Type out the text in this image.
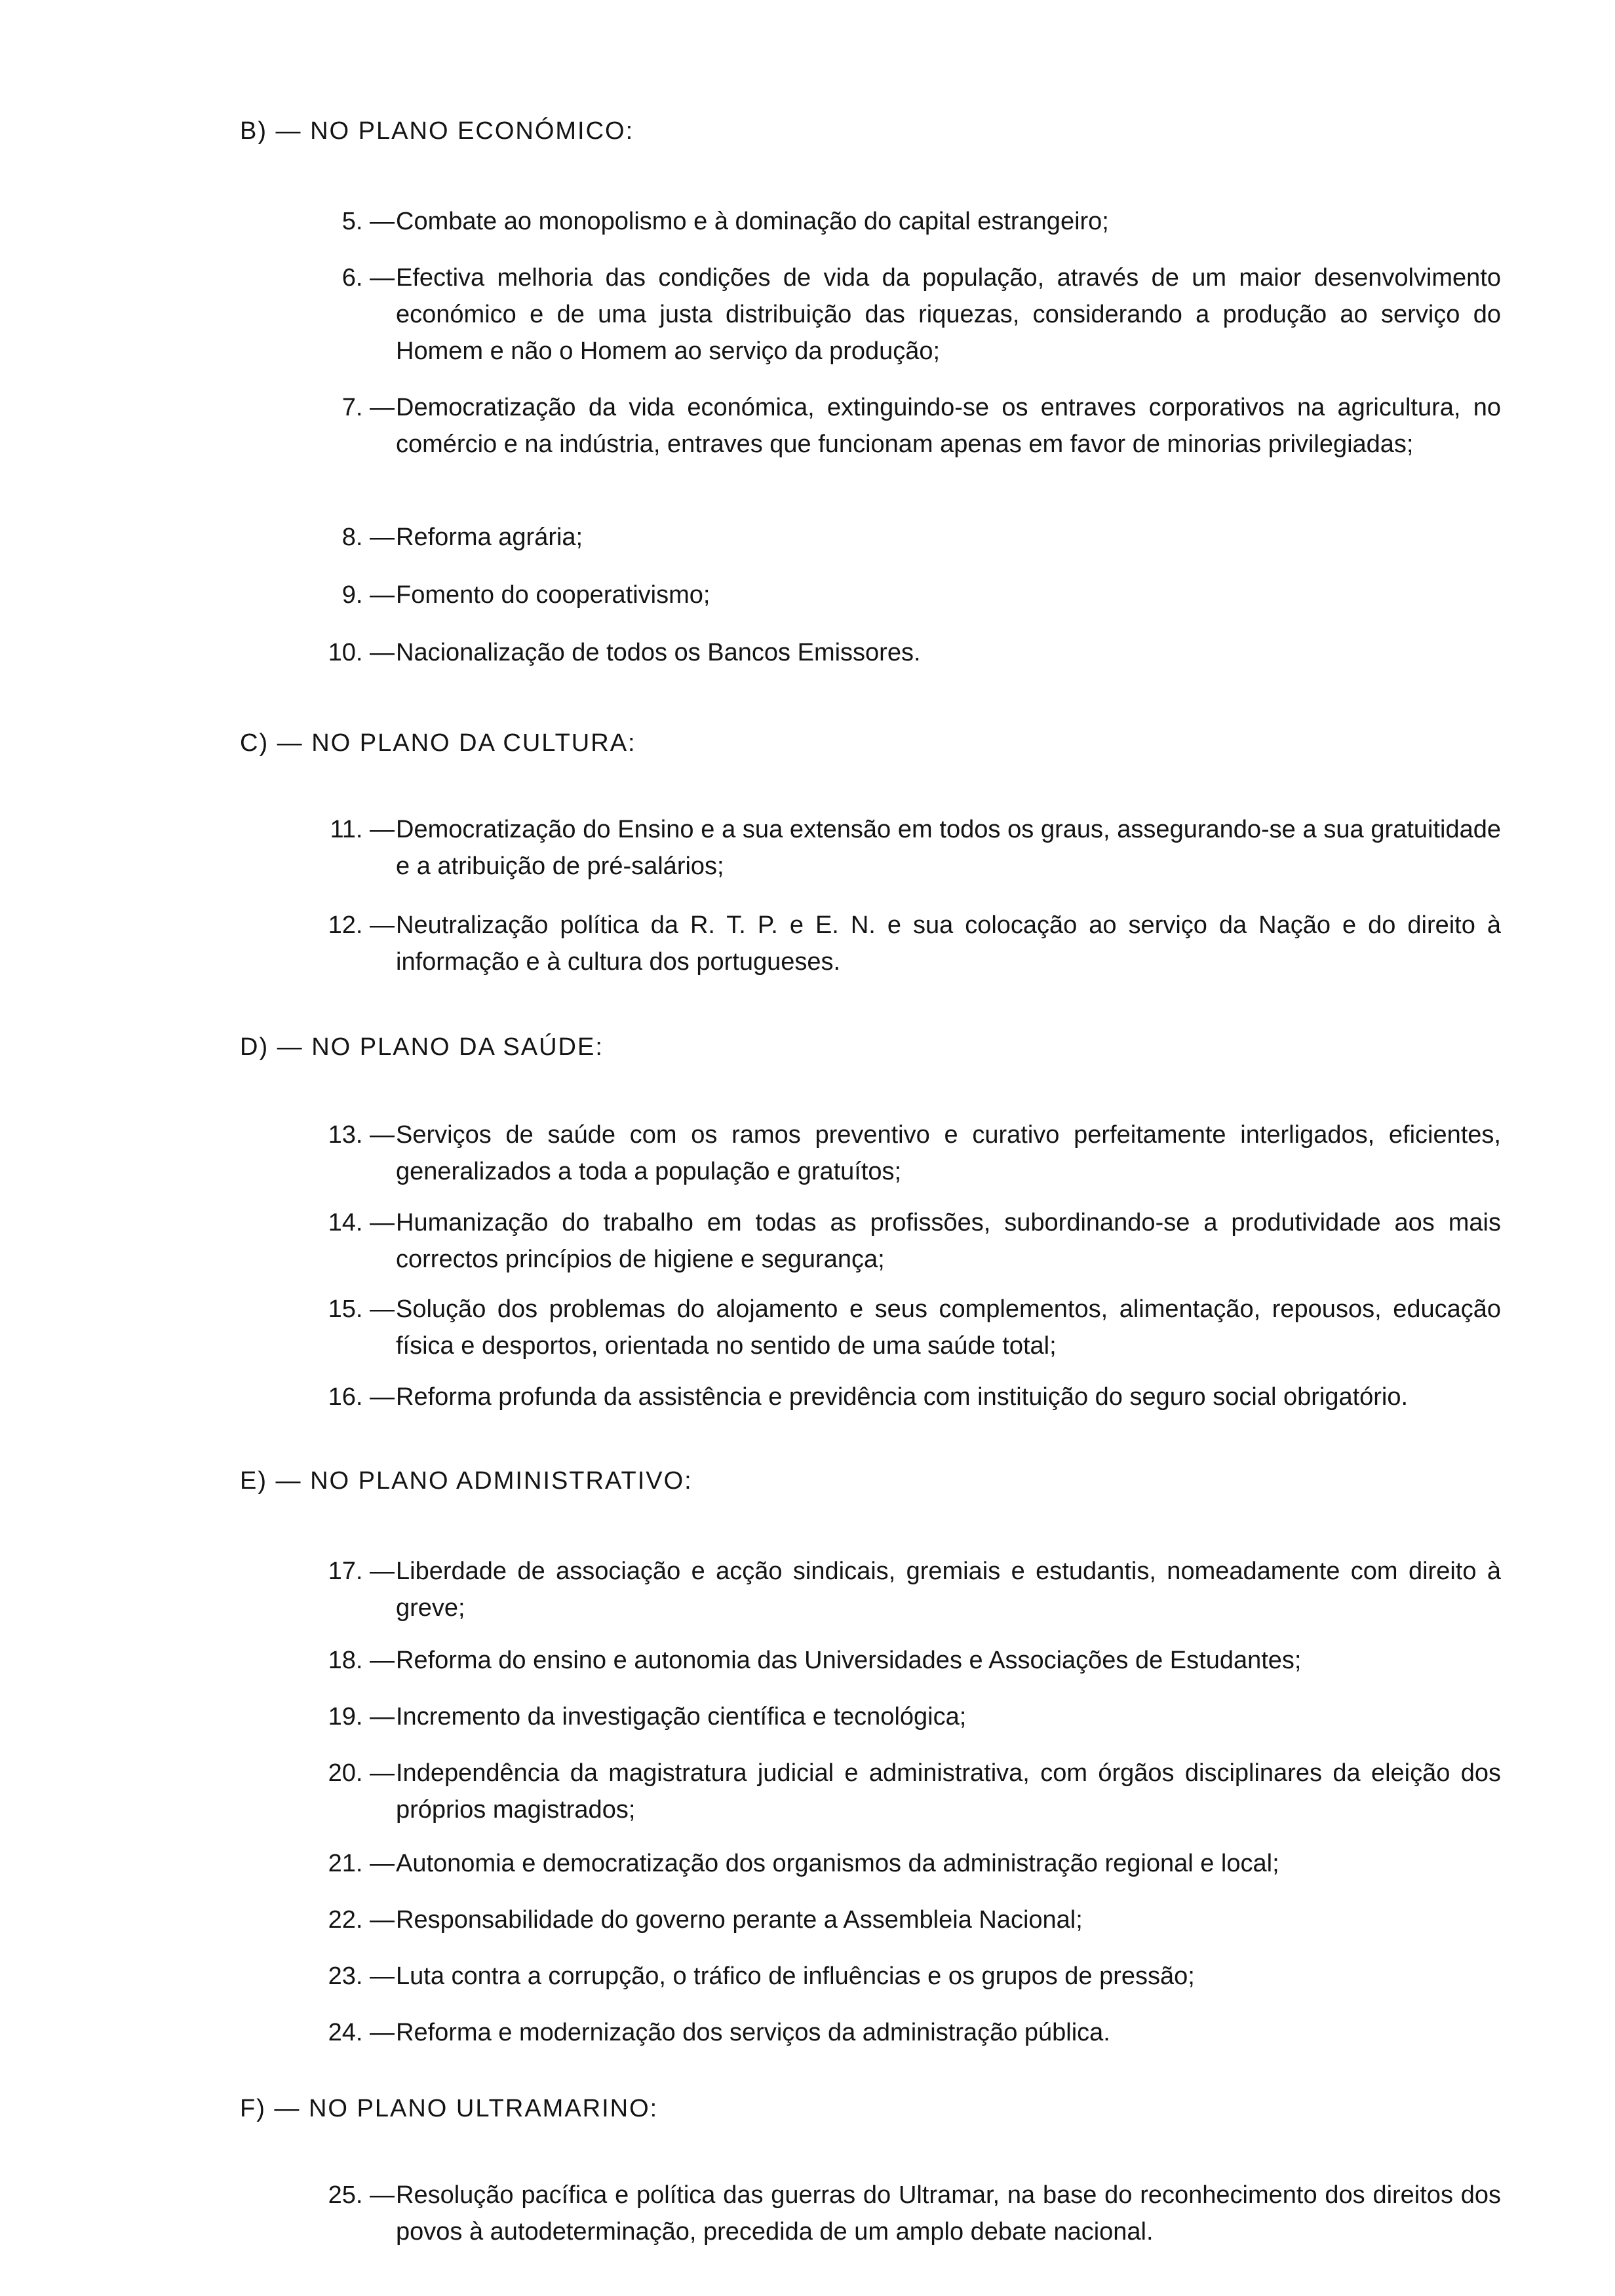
B) — NO PLANO ECONÓMICO:
5. — Combate ao monopolismo e à dominação do capital estrangeiro;
6. — Efectiva melhoria das condições de vida da população, através de um maior desenvolvimento económico e de uma justa distribuição das riquezas, considerando a produção ao serviço do Homem e não o Homem ao serviço da produção;
7. — Democratização da vida económica, extinguindo-se os entraves corporativos na agricultura, no comércio e na indústria, entraves que funcionam apenas em favor de minorias privilegiadas;
8. — Reforma agrária;
9. — Fomento do cooperativismo;
10. — Nacionalização de todos os Bancos Emissores.
C) — NO PLANO DA CULTURA:
11. — Democratização do Ensino e a sua extensão em todos os graus, assegurando-se a sua gratuitidade e a atribuição de pré-salários;
12. — Neutralização política da R. T. P. e E. N. e sua colocação ao serviço da Nação e do direito à informação e à cultura dos portugueses.
D) — NO PLANO DA SAÚDE:
13. — Serviços de saúde com os ramos preventivo e curativo perfeitamente interligados, eficientes, generalizados a toda a população e gratuítos;
14. — Humanização do trabalho em todas as profissões, subordinando-se a produtividade aos mais correctos princípios de higiene e segurança;
15. — Solução dos problemas do alojamento e seus complementos, alimentação, repousos, educação física e desportos, orientada no sentido de uma saúde total;
16. — Reforma profunda da assistência e previdência com instituição do seguro social obrigatório.
E) — NO PLANO ADMINISTRATIVO:
17. — Liberdade de associação e acção sindicais, gremiais e estudantis, nomeadamente com direito à greve;
18. — Reforma do ensino e autonomia das Universidades e Associações de Estudantes;
19. — Incremento da investigação científica e tecnológica;
20. — Independência da magistratura judicial e administrativa, com órgãos disciplinares da eleição dos próprios magistrados;
21. — Autonomia e democratização dos organismos da administração regional e local;
22. — Responsabilidade do governo perante a Assembleia Nacional;
23. — Luta contra a corrupção, o tráfico de influências e os grupos de pressão;
24. — Reforma e modernização dos serviços da administração pública.
F) — NO PLANO ULTRAMARINO:
25. — Resolução pacífica e política das guerras do Ultramar, na base do reconhecimento dos direitos dos povos à autodeterminação, precedida de um amplo debate nacional.
